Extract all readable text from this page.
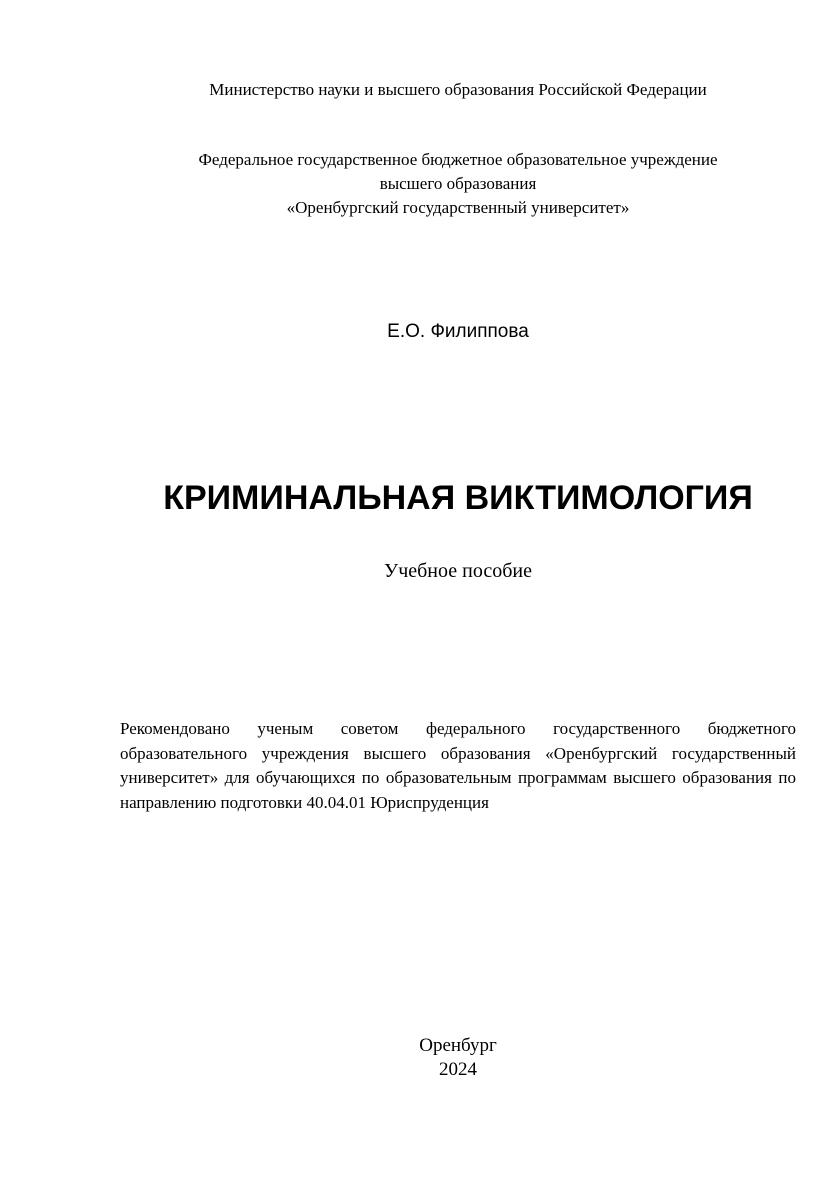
Министерство науки и высшего образования Российской Федерации
Федеральное государственное бюджетное образовательное учреждение
высшего образования
«Оренбургский государственный университет»
Е.О. Филиппова
КРИМИНАЛЬНАЯ ВИКТИМОЛОГИЯ
Учебное пособие
Рекомендовано ученым советом федерального государственного бюджетного образовательного учреждения высшего образования «Оренбургский государственный университет» для обучающихся по образовательным программам высшего образования по направлению подготовки 40.04.01 Юриспруденция
Оренбург
2024
